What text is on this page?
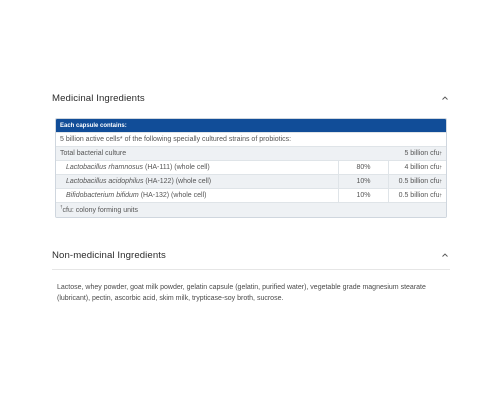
Medicinal Ingredients
Each capsule contains:
5 billion active cells* of the following specially cultured strains of probiotics:
Total bacterial culture	5 billion cfu †
Lactobacillus rhamnosus (HA-111) (whole cell)	80%	4 billion cfu †
Lactobacillus acidophilus (HA-122) (whole cell)	10%	0.5 billion cfu †
Bifidobacterium bifidum (HA-132) (whole cell)	10%	0.5 billion cfu †
†cfu: colony forming units
Non-medicinal Ingredients

Lactose, whey powder, goat milk powder, gelatin capsule (gelatin, purified water), vegetable grade magnesium stearate (lubricant), pectin, ascorbic acid, skim milk, trypticase-soy broth, sucrose.
